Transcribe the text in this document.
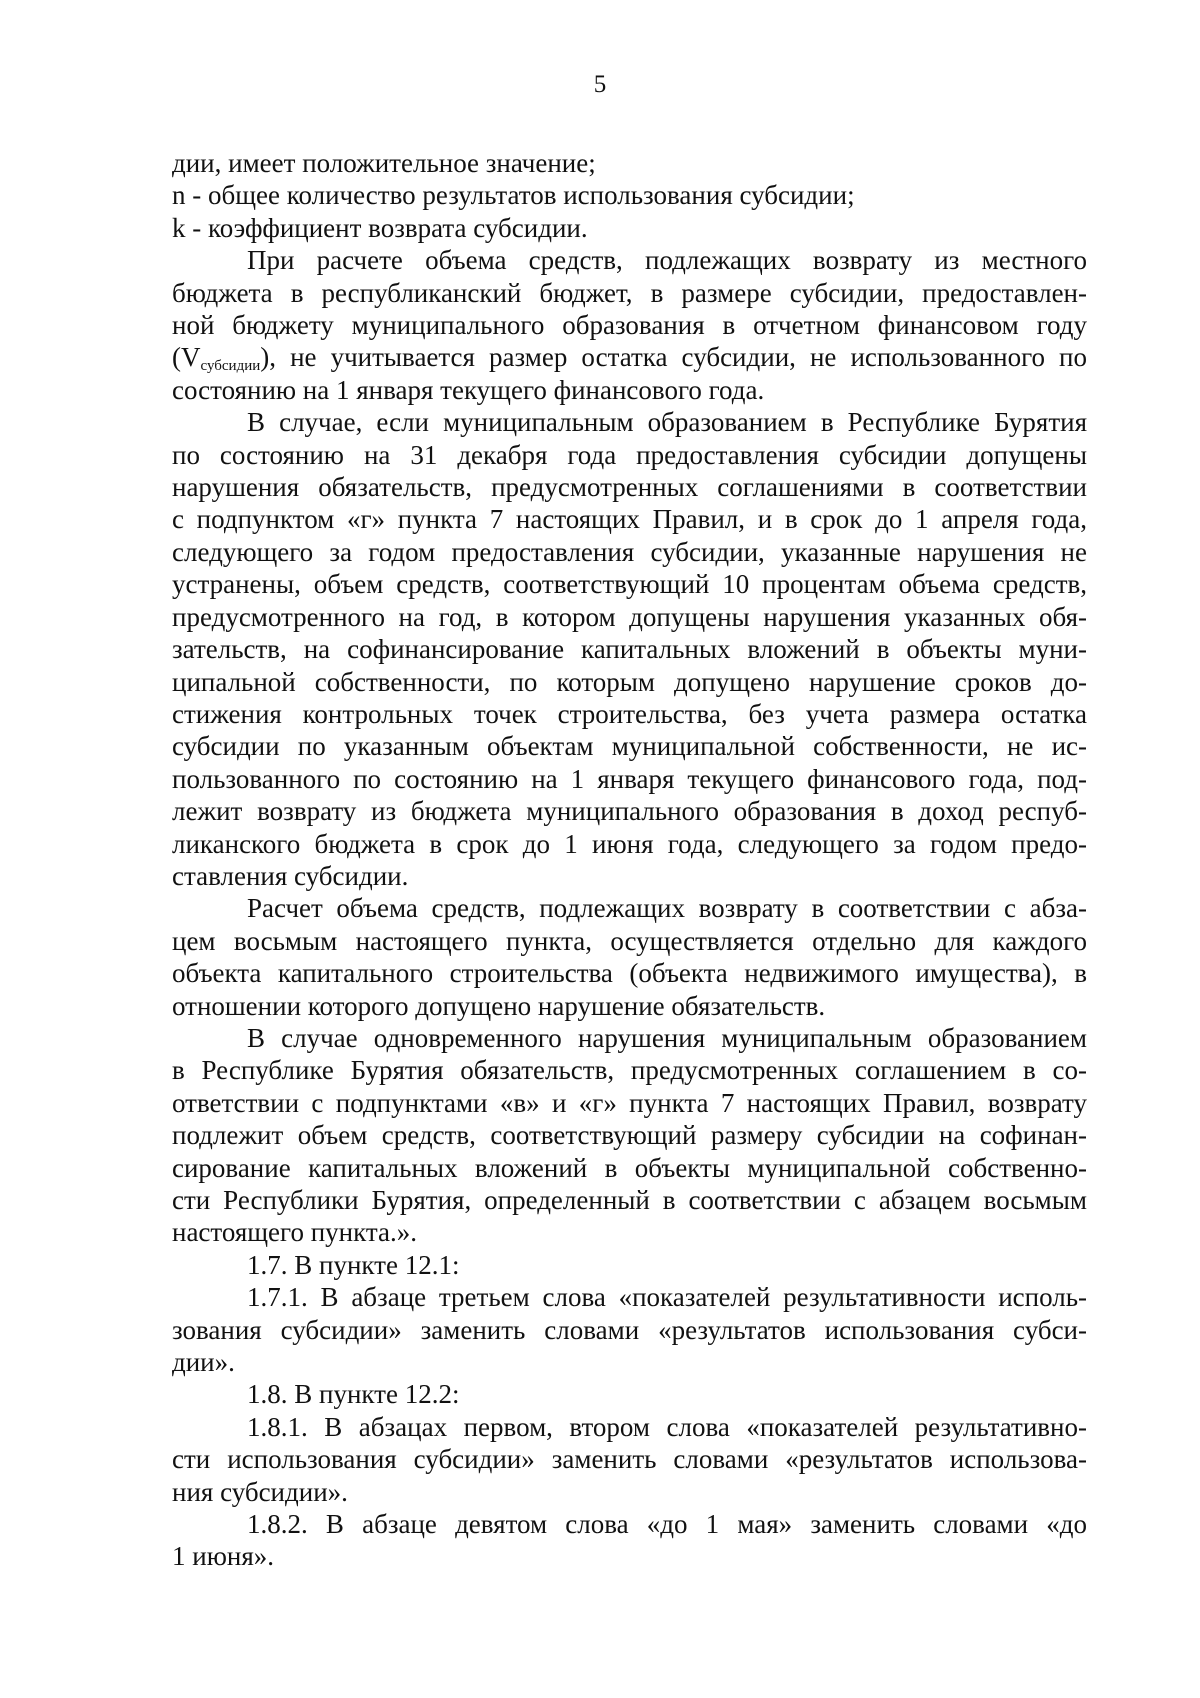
5
дии, имеет положительное значение;
n - общее количество результатов использования субсидии;
k - коэффициент возврата субсидии.
При расчете объема средств, подлежащих возврату из местного
бюджета в республиканский бюджет, в размере субсидии, предоставлен-
ной бюджету муниципального образования в отчетном финансовом году
$(V_{субсидии})$, не учитывается размер остатка субсидии, не использованного по
состоянию на 1 января текущего финансового года.
В случае, если муниципальным образованием в Республике Бурятия
по состоянию на 31 декабря года предоставления субсидии допущены
нарушения обязательств, предусмотренных соглашениями в соответствии
с подпунктом «г» пункта 7 настоящих Правил, и в срок до 1 апреля года,
следующего за годом предоставления субсидии, указанные нарушения не
устранены, объем средств, соответствующий 10 процентам объема средств,
предусмотренного на год, в котором допущены нарушения указанных обя-
зательств, на софинансирование капитальных вложений в объекты муни-
ципальной собственности, по которым допущено нарушение сроков до-
стижения контрольных точек строительства, без учета размера остатка
субсидии по указанным объектам муниципальной собственности, не ис-
пользованного по состоянию на 1 января текущего финансового года, под-
лежит возврату из бюджета муниципального образования в доход респуб-
ликанского бюджета в срок до 1 июня года, следующего за годом предо-
ставления субсидии.
Расчет объема средств, подлежащих возврату в соответствии с абза-
цем восьмым настоящего пункта, осуществляется отдельно для каждого
объекта капитального строительства (объекта недвижимого имущества), в
отношении которого допущено нарушение обязательств.
В случае одновременного нарушения муниципальным образованием
в Республике Бурятия обязательств, предусмотренных соглашением в со-
ответствии с подпунктами «в» и «г» пункта 7 настоящих Правил, возврату
подлежит объем средств, соответствующий размеру субсидии на софинан-
сирование капитальных вложений в объекты муниципальной собственно-
сти Республики Бурятия, определенный в соответствии с абзацем восьмым
настоящего пункта.».
1.7. В пункте 12.1:
1.7.1. В абзаце третьем слова «показателей результативности исполь-
зования субсидии» заменить словами «результатов использования субси-
дии».
1.8. В пункте 12.2:
1.8.1. В абзацах первом, втором слова «показателей результативно-
сти использования субсидии» заменить словами «результатов использова-
ния субсидии».
1.8.2. В абзаце девятом слова «до 1 мая» заменить словами «до
1 июня».
